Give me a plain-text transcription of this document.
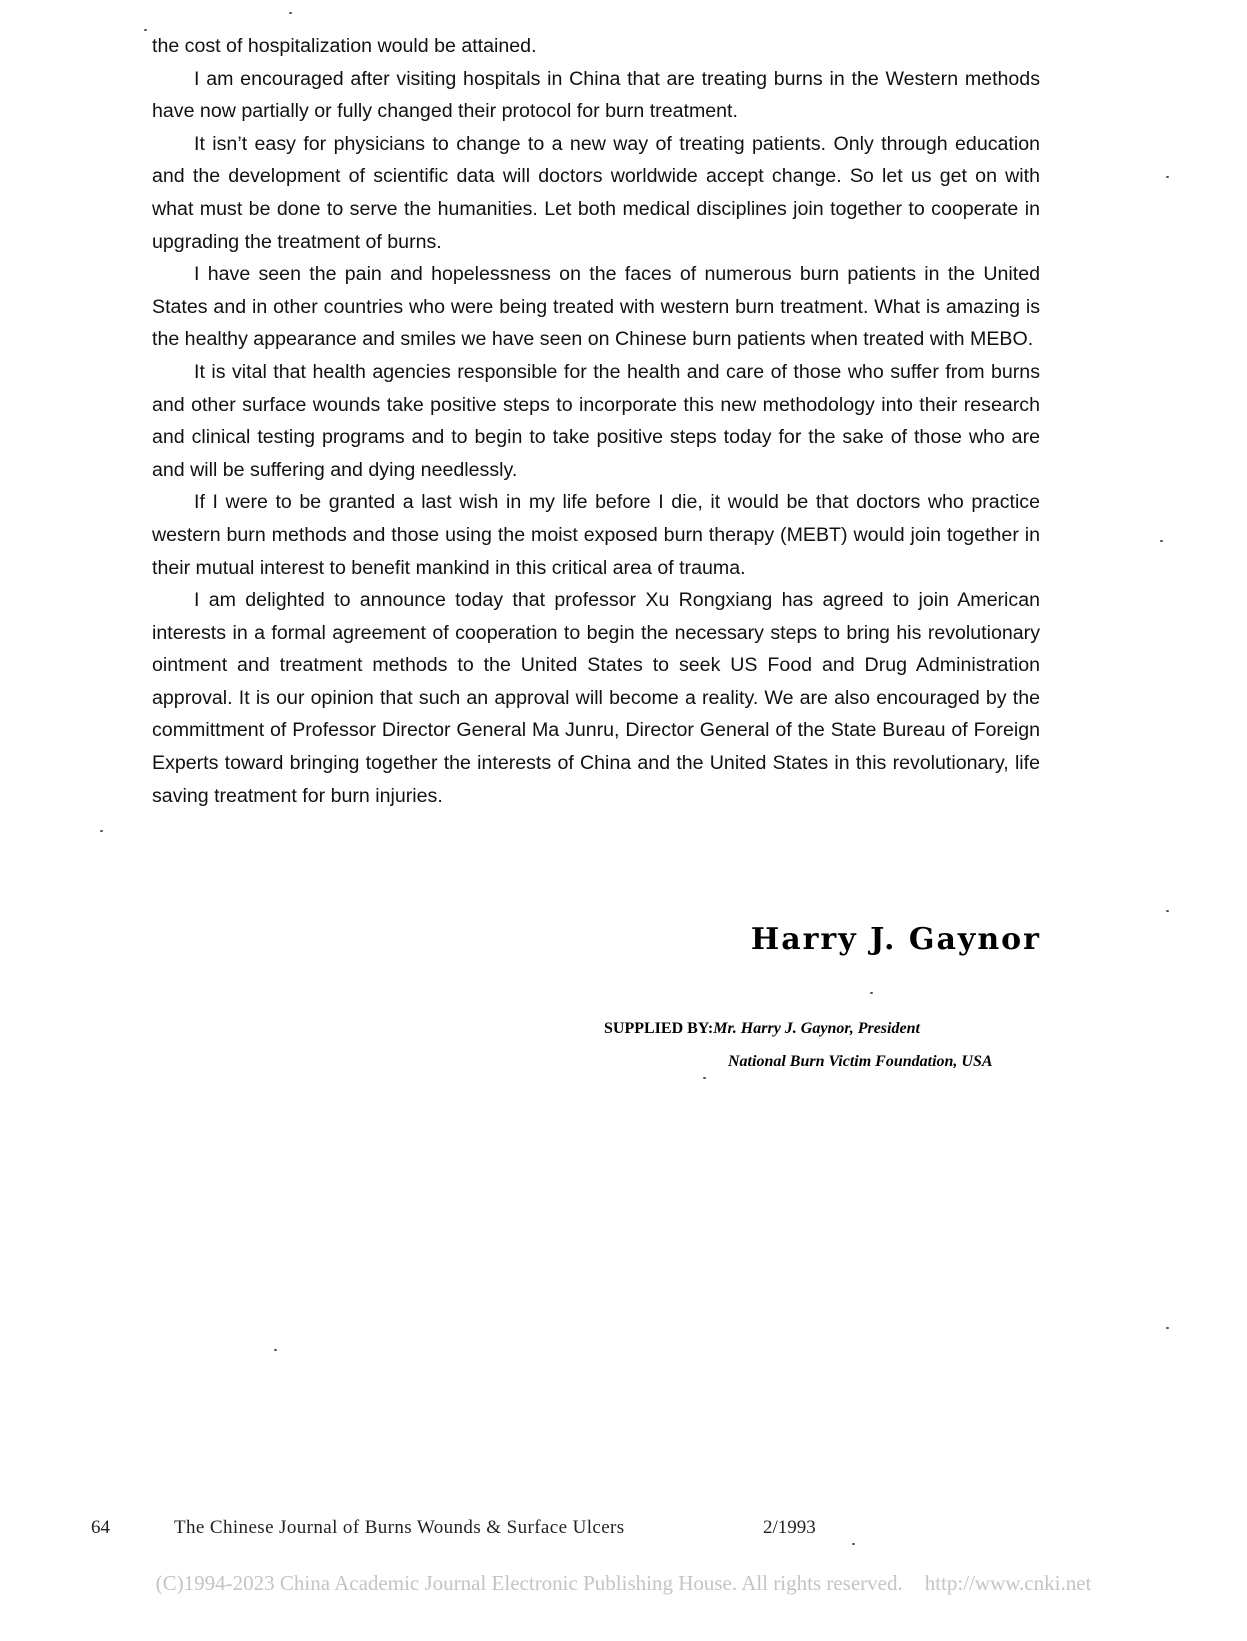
the cost of hospitalization would be attained.

I am encouraged after visiting hospitals in China that are treating burns in the Western methods have now partially or fully changed their protocol for burn treatment.

It isn’t easy for physicians to change to a new way of treating patients. Only through education and the development of scientific data will doctors worldwide accept change. So let us get on with what must be done to serve the humanities. Let both medical disciplines join together to cooperate in upgrading the treatment of burns.

I have seen the pain and hopelessness on the faces of numerous burn patients in the United States and in other countries who were being treated with western burn treatment. What is amazing is the healthy appearance and smiles we have seen on Chinese burn patients when treated with MEBO.

It is vital that health agencies responsible for the health and care of those who suffer from burns and other surface wounds take positive steps to incorporate this new methodology into their research and clinical testing programs and to begin to take positive steps today for the sake of those who are and will be suffering and dying needlessly.

If I were to be granted a last wish in my life before I die, it would be that doctors who practice western burn methods and those using the moist exposed burn therapy (MEBT) would join together in their mutual interest to benefit mankind in this critical area of trauma.

I am delighted to announce today that professor Xu Rongxiang has agreed to join American interests in a formal agreement of cooperation to begin the necessary steps to bring his revolutionary ointment and treatment methods to the United States to seek US Food and Drug Administration approval. It is our opinion that such an approval will become a reality. We are also encouraged by the committment of Professor Director General Ma Junru, Director General of the State Bureau of Foreign Experts toward bringing together the interests of China and the United States in this revolutionary, life saving treatment for burn injuries.

Harry J. Gaynor
SUPPLIED BY:Mr. Harry J. Gaynor, President
National Burn Victim Foundation, USA
64	The Chinese Journal of Burns Wounds & Surface Ulcers	2/1993
(C)1994-2023 China Academic Journal Electronic Publishing House. All rights reserved. http://www.cnki.net
